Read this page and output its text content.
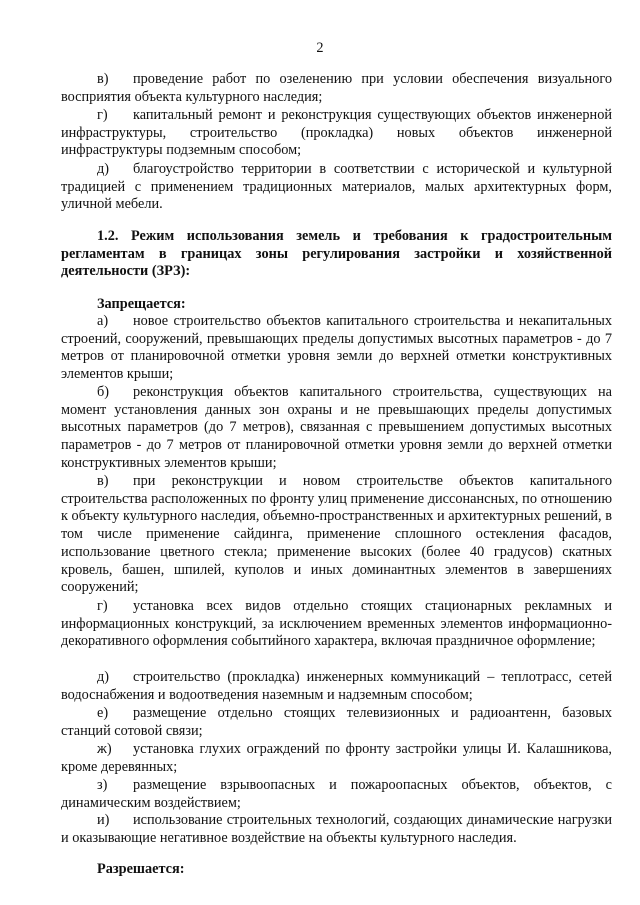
2

в) проведение работ по озеленению при условии обеспечения визуального восприятия объекта культурного наследия;

г) капитальный ремонт и реконструкция существующих объектов инженерной инфраструктуры, строительство (прокладка) новых объектов инженерной инфраструктуры подземным способом;

д) благоустройство территории в соответствии с исторической и культурной традицией с применением традиционных материалов, малых архитектурных форм, уличной мебели.

1.2. Режим использования земель и требования к градостроительным регламентам в границах зоны регулирования застройки и хозяйственной деятельности (ЗРЗ):

Запрещается:

а) новое строительство объектов капитального строительства и некапитальных строений, сооружений, превышающих пределы допустимых высотных параметров - до 7 метров от планировочной отметки уровня земли до верхней отметки конструктивных элементов крыши;

б) реконструкция объектов капитального строительства, существующих на момент установления данных зон охраны и не превышающих пределы допустимых высотных параметров (до 7 метров), связанная с превышением допустимых высотных параметров - до 7 метров от планировочной отметки уровня земли до верхней отметки конструктивных элементов крыши;

в) при реконструкции и новом строительстве объектов капитального строительства расположенных по фронту улиц применение диссонансных, по отношению к объекту культурного наследия, объемно-пространственных и архитектурных решений, в том числе применение сайдинга, применение сплошного остекления фасадов, использование цветного стекла; применение высоких (более 40 градусов) скатных кровель, башен, шпилей, куполов и иных доминантных элементов в завершениях сооружений;

г) установка всех видов отдельно стоящих стационарных рекламных и информационных конструкций, за исключением временных элементов информационно-декоративного оформления событийного характера, включая праздничное оформление;

д) строительство (прокладка) инженерных коммуникаций – теплотрасс, сетей водоснабжения и водоотведения наземным и надземным способом;

е) размещение отдельно стоящих телевизионных и радиоантенн, базовых станций сотовой связи;

ж) установка глухих ограждений по фронту застройки улицы И. Калашникова, кроме деревянных;

з) размещение взрывоопасных и пожароопасных объектов, объектов, с динамическим воздействием;

и) использование строительных технологий, создающих динамические нагрузки и оказывающие негативное воздействие на объекты культурного наследия.

Разрешается:
